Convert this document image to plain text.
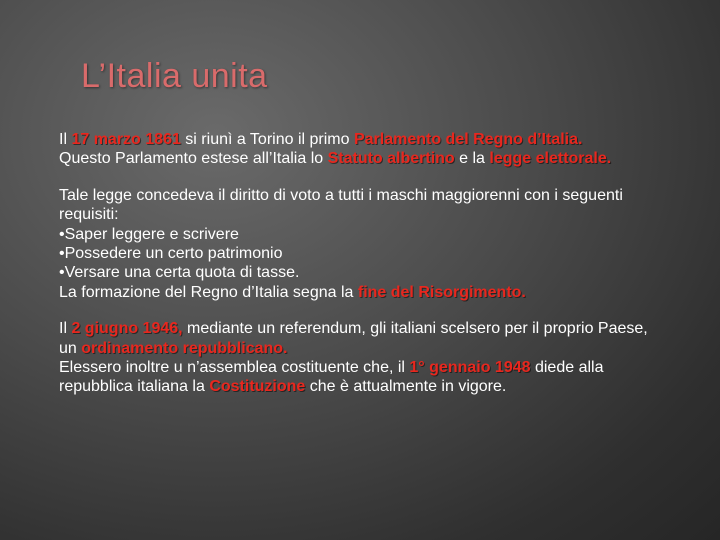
L’Italia unita

Il 17 marzo 1861 si riunì a Torino il primo Parlamento del Regno d’Italia.

Questo Parlamento estese all’Italia lo Statuto albertino e la legge elettorale.

Tale legge concedeva il diritto di voto a tutti i maschi maggiorenni con i seguenti requisiti:

•Saper leggere e scrivere

•Possedere un certo patrimonio

•Versare una certa quota di tasse.

La formazione del Regno d’Italia segna la fine del Risorgimento.

Il 2 giugno 1946, mediante un referendum, gli italiani scelsero per il proprio Paese, un ordinamento repubblicano.

Elessero inoltre u n’assemblea costituente che, il 1° gennaio 1948 diede alla repubblica italiana la Costituzione che è attualmente in vigore.
